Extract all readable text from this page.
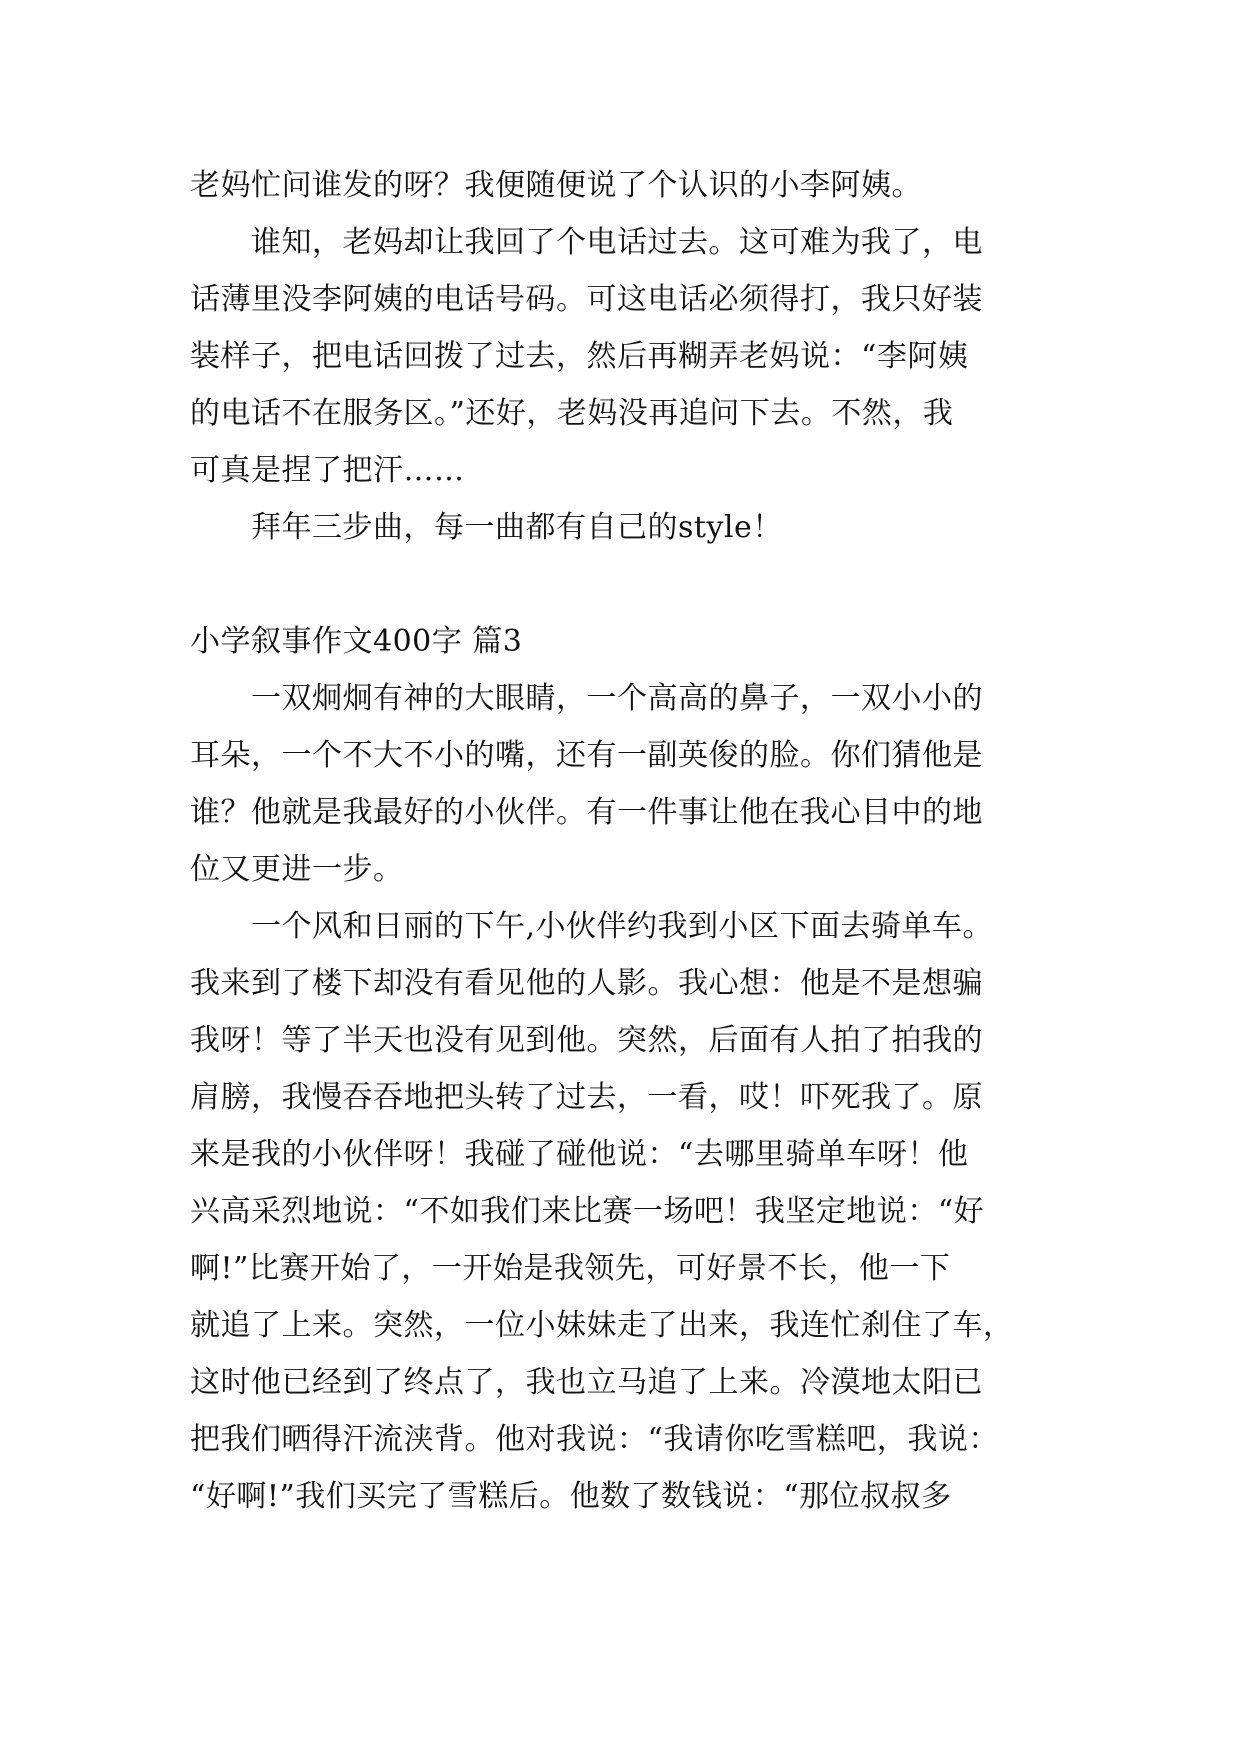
老妈忙问谁发的呀？我便随便说了个认识的小李阿姨。
　　谁知，老妈却让我回了个电话过去。这可难为我了，电
话薄里没李阿姨的电话号码。可这电话必须得打，我只好装
装样子，把电话回拨了过去，然后再糊弄老妈说：“李阿姨
的电话不在服务区。”还好，老妈没再追问下去。不然，我
可真是捏了把汗……
　　拜年三步曲，每一曲都有自己的style！
小学叙事作文400字 篇3
　　一双炯炯有神的大眼睛，一个高高的鼻子，一双小小的
耳朵，一个不大不小的嘴，还有一副英俊的脸。你们猜他是
谁？他就是我最好的小伙伴。有一件事让他在我心目中的地
位又更进一步。
　　一个风和日丽的下午,小伙伴约我到小区下面去骑单车。
我来到了楼下却没有看见他的人影。我心想：他是不是想骗
我呀！等了半天也没有见到他。突然，后面有人拍了拍我的
肩膀，我慢吞吞地把头转了过去，一看，哎！吓死我了。原
来是我的小伙伴呀！我碰了碰他说：“去哪里骑单车呀！他
兴高采烈地说：“不如我们来比赛一场吧！我坚定地说：“好
啊!”比赛开始了，一开始是我领先，可好景不长，他一下
就追了上来。突然，一位小妹妹走了出来，我连忙刹住了车，
这时他已经到了终点了，我也立马追了上来。冷漠地太阳已
把我们晒得汗流浃背。他对我说：“我请你吃雪糕吧，我说：
“好啊!”我们买完了雪糕后。他数了数钱说：“那位叔叔多
